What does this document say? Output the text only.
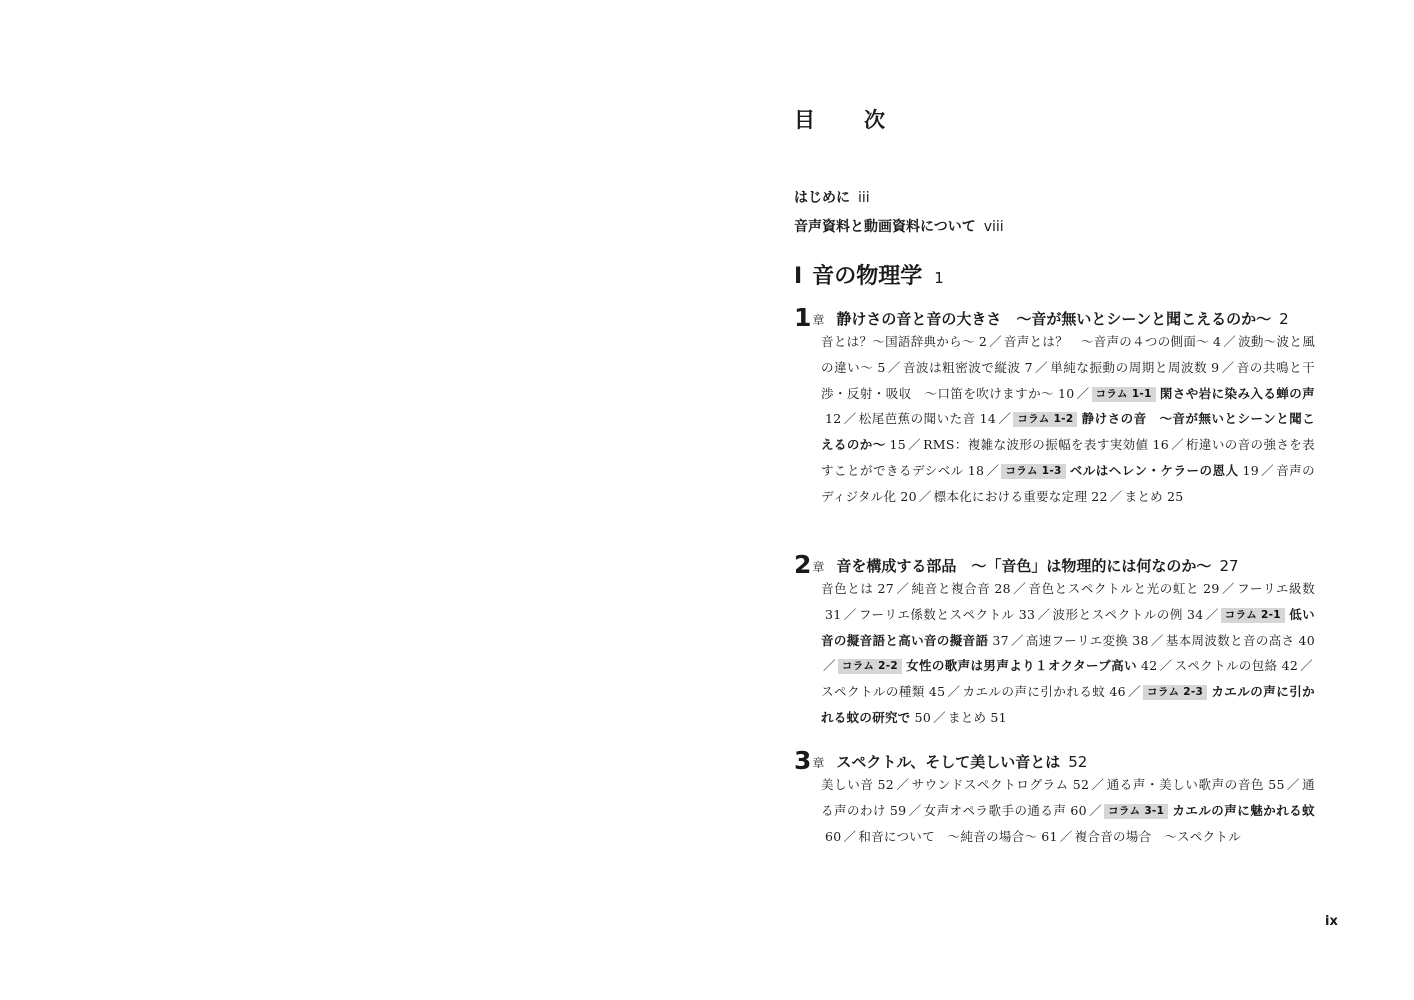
目　次
はじめに iii
音声資料と動画資料について viii
Ⅰ 音の物理学 1
1章 静けさの音と音の大きさ　〜音が無いとシーンと聞こえるのか〜 2
音とは？〜国語辞典から〜 2 ／ 音声とは？　〜音声の４つの側面〜 4 ／ 波動〜波と風の違い〜 5 ／ 音波は粗密波で縦波 7 ／ 単純な振動の周期と周波数 9 ／ 音の共鳴と干渉・反射・吸収　〜口笛を吹けますか〜 10 ／ コラム 1-1 閑さや岩に染み入る蝉の声12 ／ 松尾芭蕉の聞いた音 14 ／ コラム 1-2 静けさの音　〜音が無いとシーンと聞こえるのか〜 15 ／ RMS：複雑な波形の振幅を表す実効値 16 ／ 桁違いの音の強さを表すことができるデシベル 18 ／ コラム 1-3 ベルはヘレン・ケラーの恩人 19 ／ 音声のディジタル化 20 ／ 標本化における重要な定理 22 ／ まとめ 25
2章 音を構成する部品　〜「音色」は物理的には何なのか〜 27
音色とは 27 ／ 純音と複合音 28 ／ 音色とスペクトルと光の虹と 29 ／ フーリエ級数31 ／ フーリエ係数とスペクトル 33 ／ 波形とスペクトルの例 34 ／ コラム 2-1 低い音の擬音語と高い音の擬音語 37 ／ 高速フーリエ変換 38 ／ 基本周波数と音の高さ 40／ コラム 2-2 女性の歌声は男声より１オクターブ高い 42 ／ スペクトルの包絡 42 ／スペクトルの種類 45 ／ カエルの声に引かれる蚊 46 ／ コラム 2-3 カエルの声に引かれる蚊の研究で 50 ／ まとめ 51
3章 スペクトル、そして美しい音とは 52
美しい音 52 ／ サウンドスペクトログラム 52 ／ 通る声・美しい歌声の音色 55 ／ 通る声のわけ 59 ／ 女声オペラ歌手の通る声 60 ／ コラム 3-1 カエルの声に魅かれる蚊60 ／ 和音について　〜純音の場合〜 61 ／ 複合音の場合　〜スペクトル
ix
